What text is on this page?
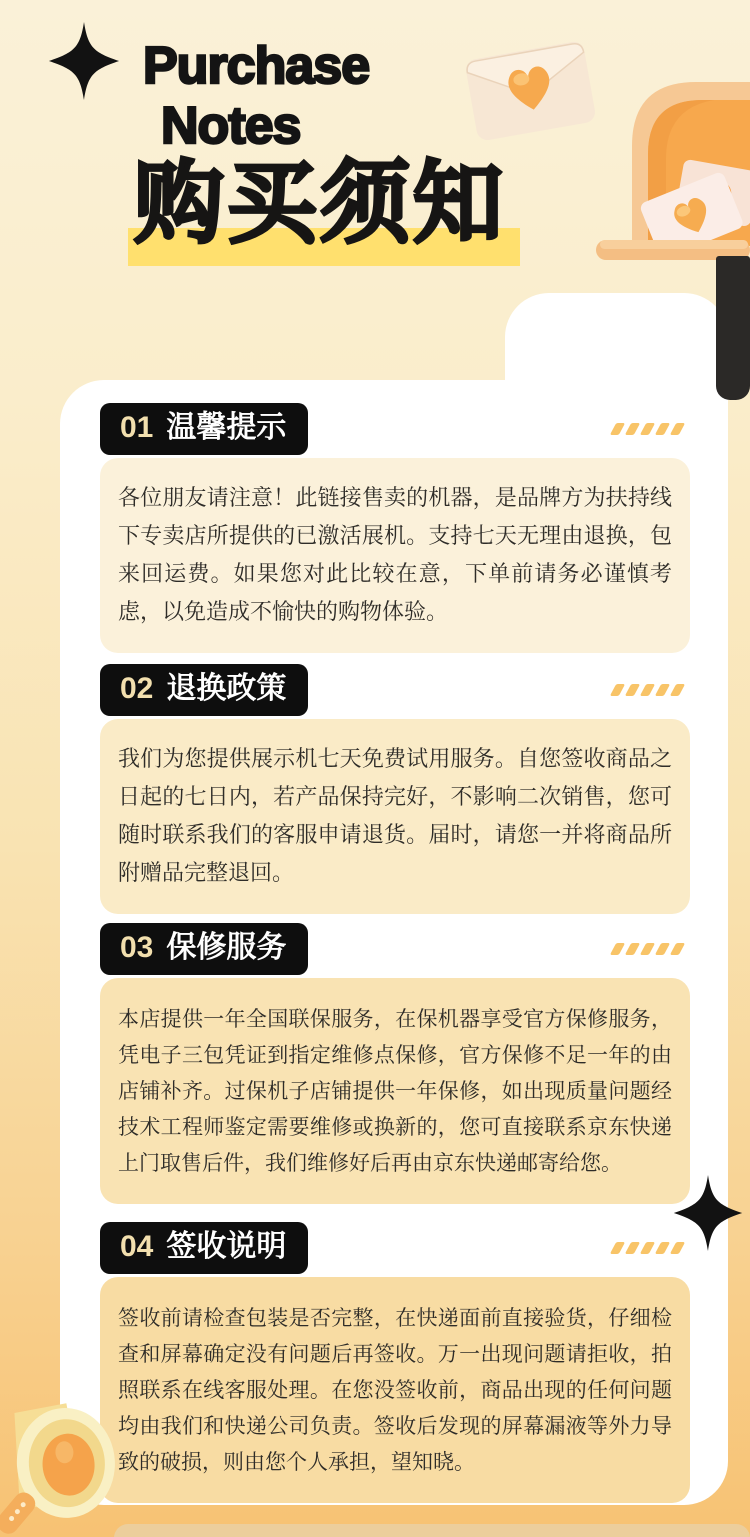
Purchase
Notes
购买须知
01 温馨提示
各位朋友请注意！此链接售卖的机器，是品牌方为扶持线下专卖店所提供的已激活展机。支持七天无理由退换，包来回运费。如果您对此比较在意，下单前请务必谨慎考虑，以免造成不愉快的购物体验。
02 退换政策
我们为您提供展示机七天免费试用服务。自您签收商品之日起的七日内，若产品保持完好，不影响二次销售，您可随时联系我们的客服申请退货。届时，请您一并将商品所附赠品完整退回。
03 保修服务
本店提供一年全国联保服务，在保机器享受官方保修服务，凭电子三包凭证到指定维修点保修，官方保修不足一年的由店铺补齐。过保机子店铺提供一年保修，如出现质量问题经技术工程师鉴定需要维修或换新的，您可直接联系京东快递上门取售后件，我们维修好后再由京东快递邮寄给您。
04 签收说明
签收前请检查包装是否完整，在快递面前直接验货，仔细检查和屏幕确定没有问题后再签收。万一出现问题请拒收，拍照联系在线客服处理。在您没签收前，商品出现的任何问题均由我们和快递公司负责。签收后发现的屏幕漏液等外力导致的破损，则由您个人承担，望知晓。
